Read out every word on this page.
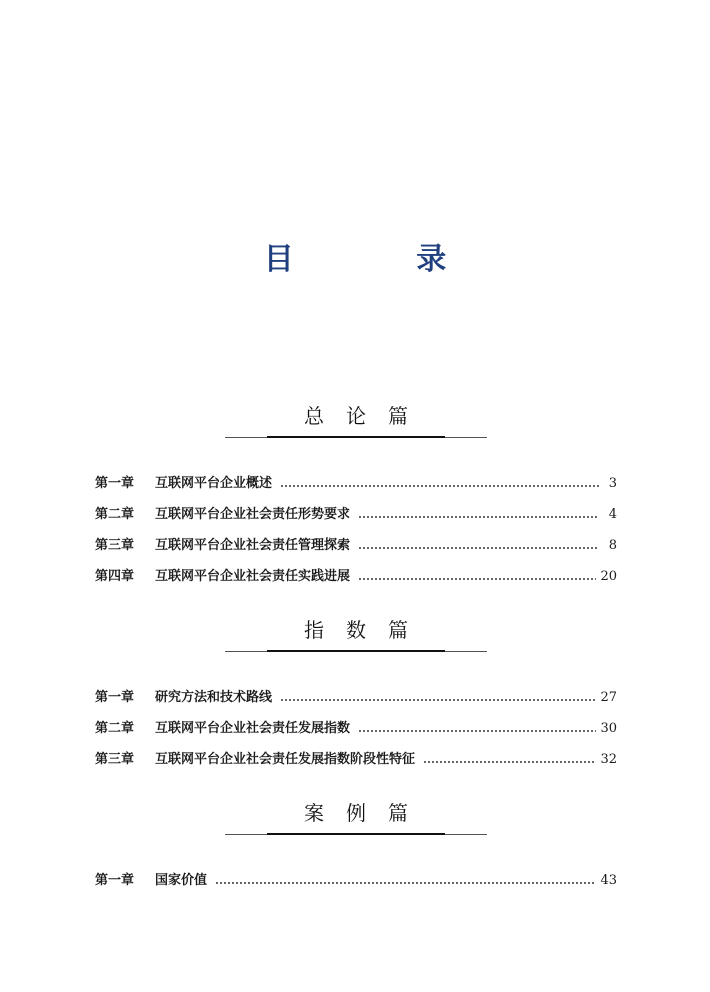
目 录
总论篇
第一章	互联网平台企业概述	3
第二章	互联网平台企业社会责任形势要求	4
第三章	互联网平台企业社会责任管理探索	8
第四章	互联网平台企业社会责任实践进展	20
指数篇
第一章	研究方法和技术路线	27
第二章	互联网平台企业社会责任发展指数	30
第三章	互联网平台企业社会责任发展指数阶段性特征	32
案例篇
第一章	国家价值	43
